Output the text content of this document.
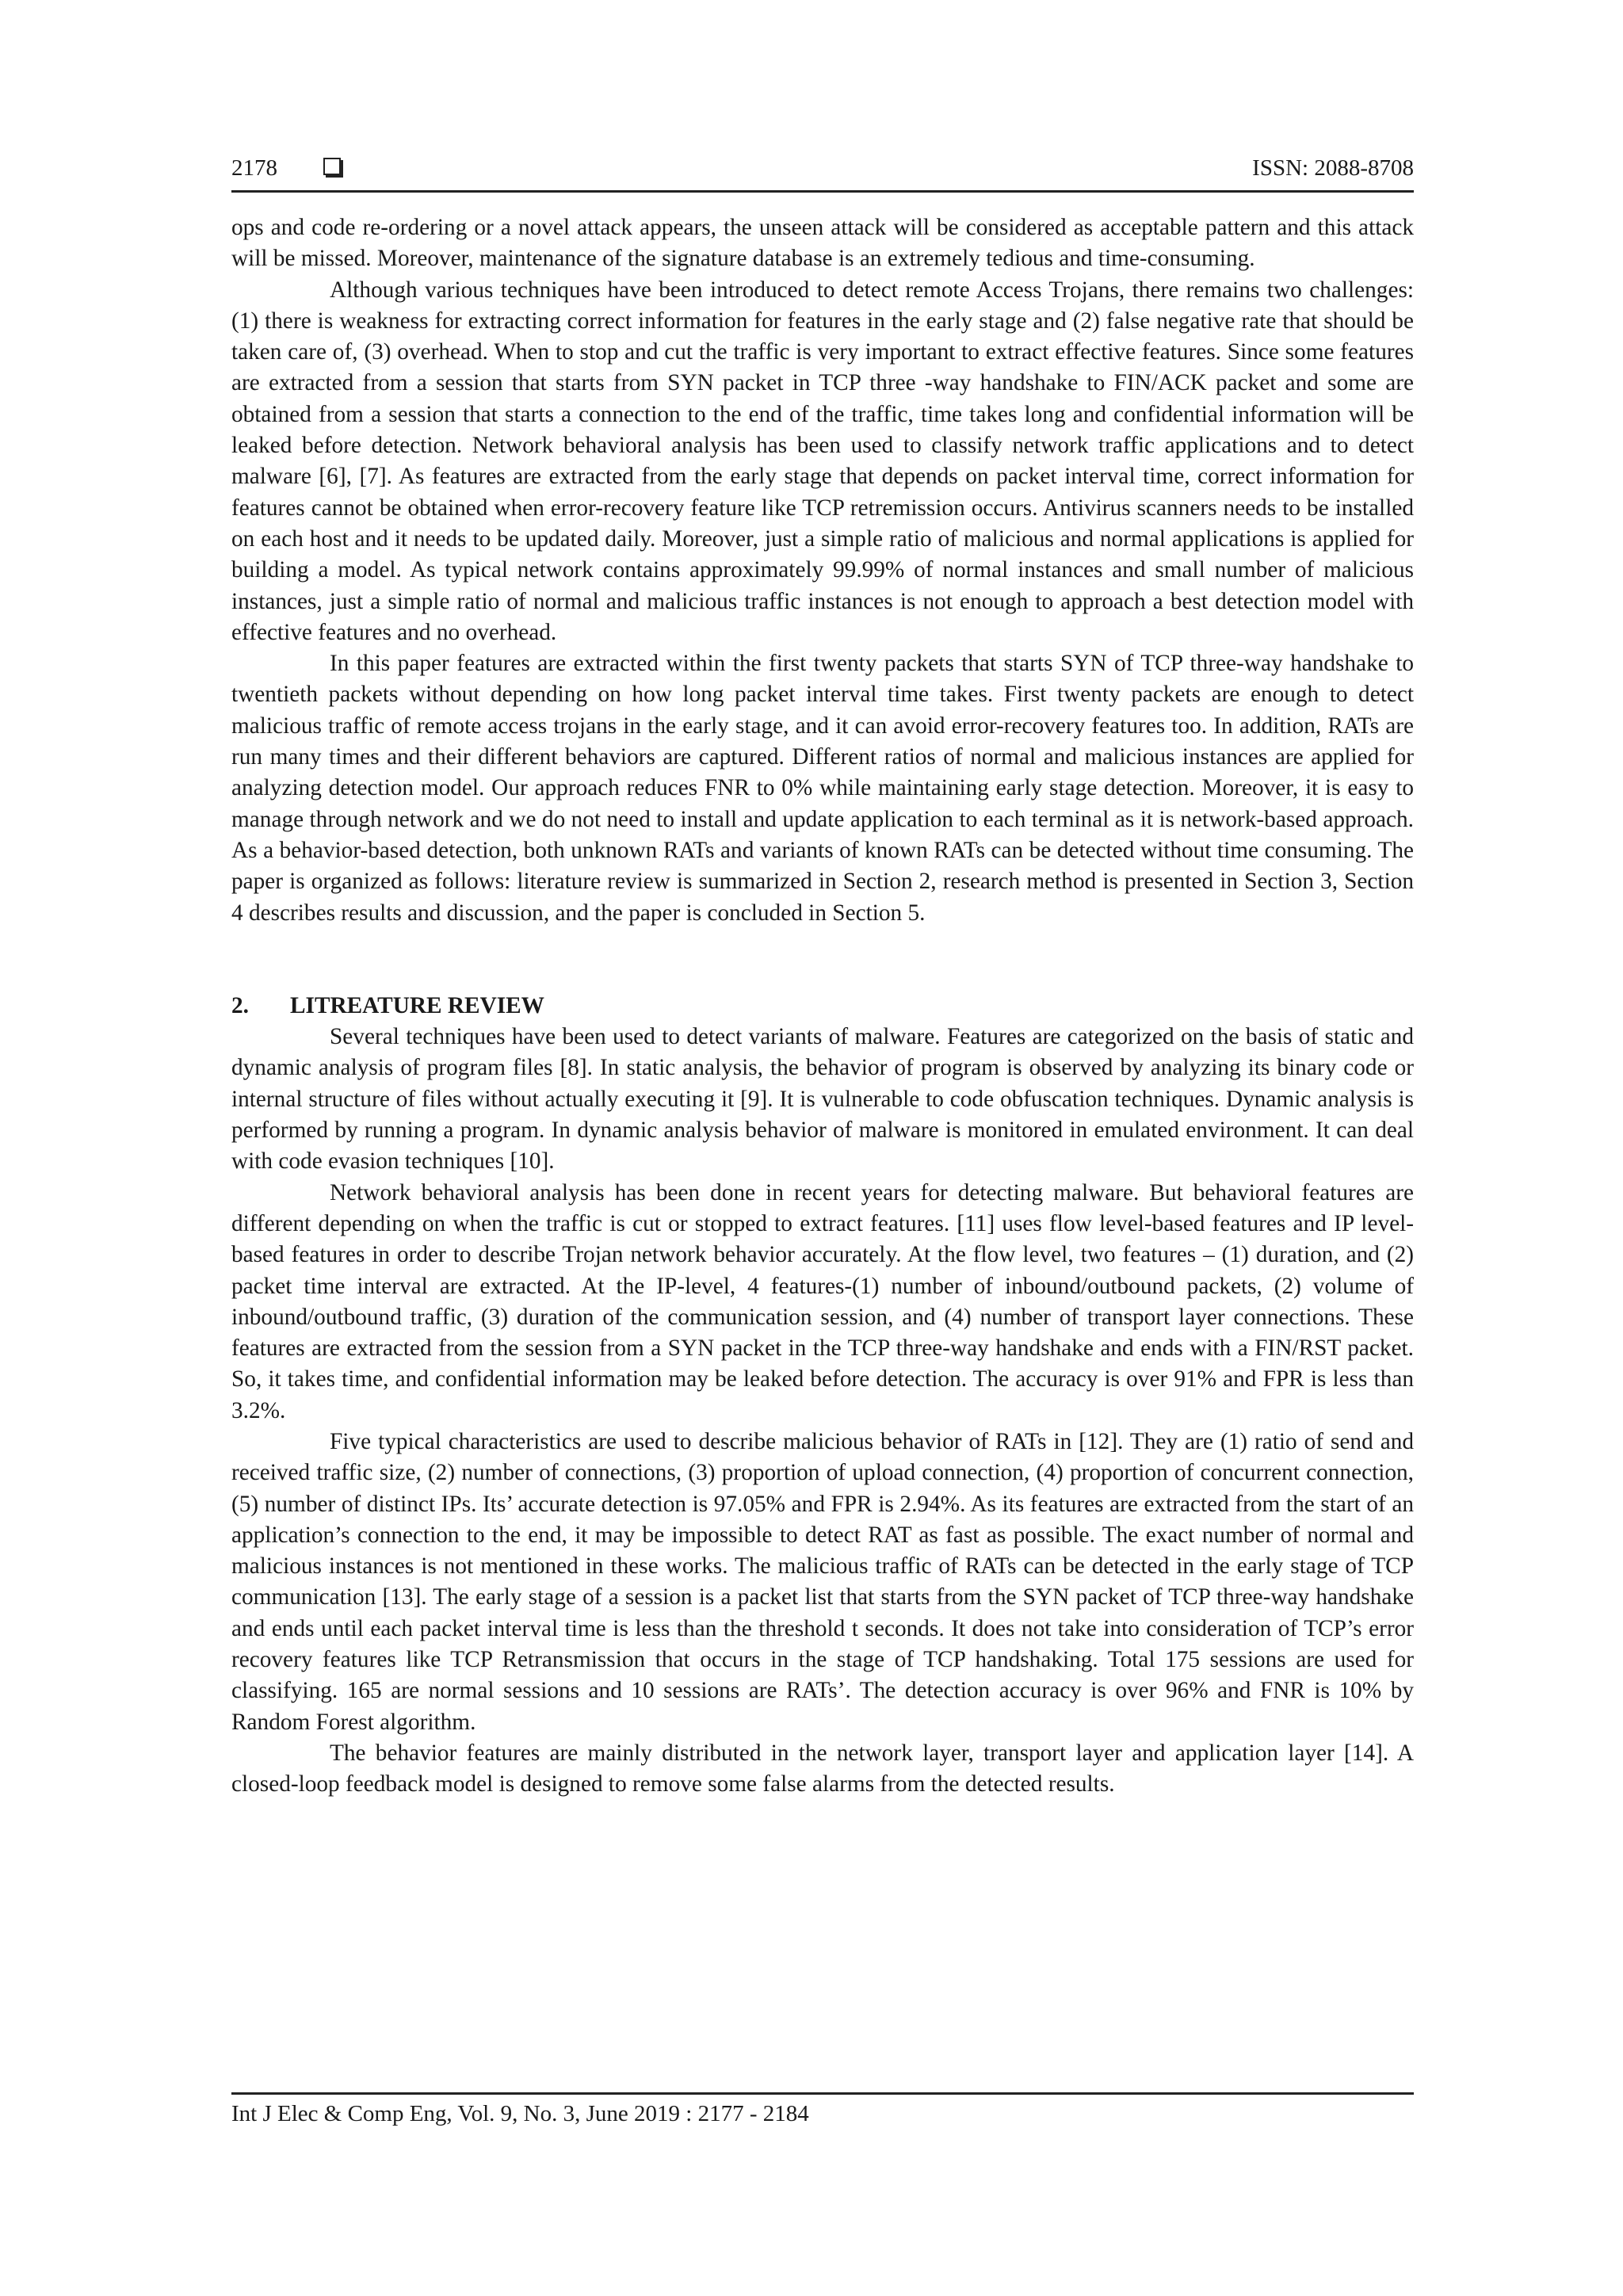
2178	ISSN: 2088-8708

ops and code re-ordering or a novel attack appears, the unseen attack will be considered as acceptable pattern and this attack will be missed. Moreover, maintenance of the signature database is an extremely tedious and time-consuming.

Although various techniques have been introduced to detect remote Access Trojans, there remains two challenges: (1) there is weakness for extracting correct information for features in the early stage and (2) false negative rate that should be taken care of, (3) overhead. When to stop and cut the traffic is very important to extract effective features. Since some features are extracted from a session that starts from SYN packet in TCP three -way handshake to FIN/ACK packet and some are obtained from a session that starts a connection to the end of the traffic, time takes long and confidential information will be leaked before detection. Network behavioral analysis has been used to classify network traffic applications and to detect malware [6], [7]. As features are extracted from the early stage that depends on packet interval time, correct information for features cannot be obtained when error-recovery feature like TCP retremission occurs. Antivirus scanners needs to be installed on each host and it needs to be updated daily. Moreover, just a simple ratio of malicious and normal applications is applied for building a model. As typical network contains approximately 99.99% of normal instances and small number of malicious instances, just a simple ratio of normal and malicious traffic instances is not enough to approach a best detection model with effective features and no overhead.

In this paper features are extracted within the first twenty packets that starts SYN of TCP three-way handshake to twentieth packets without depending on how long packet interval time takes. First twenty packets are enough to detect malicious traffic of remote access trojans in the early stage, and it can avoid error-recovery features too. In addition, RATs are run many times and their different behaviors are captured. Different ratios of normal and malicious instances are applied for analyzing detection model. Our approach reduces FNR to 0% while maintaining early stage detection. Moreover, it is easy to manage through network and we do not need to install and update application to each terminal as it is network-based approach. As a behavior-based detection, both unknown RATs and variants of known RATs can be detected without time consuming. The paper is organized as follows: literature review is summarized in Section 2, research method is presented in Section 3, Section 4 describes results and discussion, and the paper is concluded in Section 5.

2. LITREATURE REVIEW

Several techniques have been used to detect variants of malware. Features are categorized on the basis of static and dynamic analysis of program files [8]. In static analysis, the behavior of program is observed by analyzing its binary code or internal structure of files without actually executing it [9]. It is vulnerable to code obfuscation techniques. Dynamic analysis is performed by running a program. In dynamic analysis behavior of malware is monitored in emulated environment. It can deal with code evasion techniques [10].

Network behavioral analysis has been done in recent years for detecting malware. But behavioral features are different depending on when the traffic is cut or stopped to extract features. [11] uses flow level-based features and IP level-based features in order to describe Trojan network behavior accurately. At the flow level, two features – (1) duration, and (2) packet time interval are extracted. At the IP-level, 4 features-(1) number of inbound/outbound packets, (2) volume of inbound/outbound traffic, (3) duration of the communication session, and (4) number of transport layer connections. These features are extracted from the session from a SYN packet in the TCP three-way handshake and ends with a FIN/RST packet. So, it takes time, and confidential information may be leaked before detection. The accuracy is over 91% and FPR is less than 3.2%.

Five typical characteristics are used to describe malicious behavior of RATs in [12]. They are (1) ratio of send and received traffic size, (2) number of connections, (3) proportion of upload connection, (4) proportion of concurrent connection, (5) number of distinct IPs. Its’ accurate detection is 97.05% and FPR is 2.94%. As its features are extracted from the start of an application’s connection to the end, it may be impossible to detect RAT as fast as possible. The exact number of normal and malicious instances is not mentioned in these works. The malicious traffic of RATs can be detected in the early stage of TCP communication [13]. The early stage of a session is a packet list that starts from the SYN packet of TCP three-way handshake and ends until each packet interval time is less than the threshold t seconds. It does not take into consideration of TCP’s error recovery features like TCP Retransmission that occurs in the stage of TCP handshaking. Total 175 sessions are used for classifying. 165 are normal sessions and 10 sessions are RATs’. The detection accuracy is over 96% and FNR is 10% by Random Forest algorithm.

The behavior features are mainly distributed in the network layer, transport layer and application layer [14]. A closed-loop feedback model is designed to remove some false alarms from the detected results.

Int J Elec & Comp Eng, Vol. 9, No. 3, June 2019 : 2177 - 2184
